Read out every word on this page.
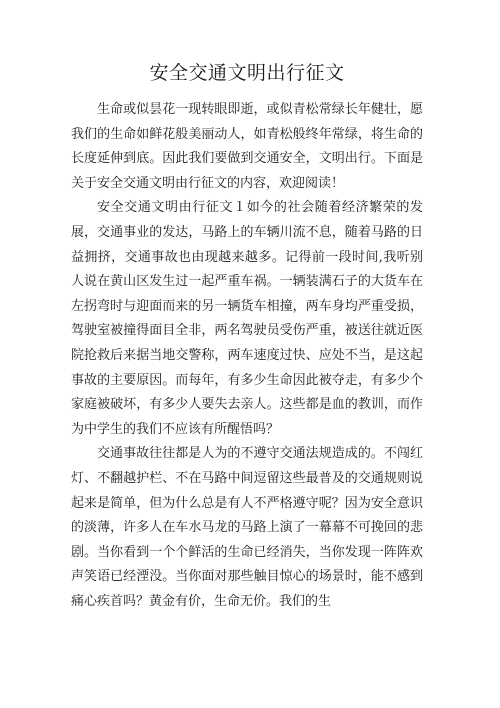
安全交通文明出行征文

生命或似昙花一现转眼即逝，或似青松常绿长年健壮，愿我们的生命如鲜花般美丽动人，如青松般终年常绿，将生命的长度延伸到底。因此我们要做到交通安全，文明出行。下面是关于安全交通文明由行征文的内容，欢迎阅读！

安全交通文明由行征文１如今的社会随着经济繁荣的发展，交通事业的发达，马路上的车辆川流不息，随着马路的日益拥挤，交通事故也由现越来越多。记得前一段时间,我听别人说在黄山区发生过一起严重车祸。一辆装满石子的大货车在左拐弯时与迎面而来的另一辆货车相撞，两车身均严重受损，驾驶室被撞得面目全非，两名驾驶员受伤严重，被送往就近医院抢救后来据当地交警称，两车速度过快、应处不当，是这起事故的主要原因。而每年，有多少生命因此被夺走，有多少个家庭被破坏，有多少人要失去亲人。这些都是血的教训，而作为中学生的我们不应该有所醒悟吗？

交通事故往往都是人为的不遵守交通法规造成的。不闯红灯、不翻越护栏、不在马路中间逗留这些最普及的交通规则说起来是简单，但为什么总是有人不严格遵守呢？因为安全意识的淡薄，许多人在车水马龙的马路上演了一幕幕不可挽回的悲剧。当你看到一个个鲜活的生命已经消失，当你发现一阵阵欢声笑语已经湮没。当你面对那些触目惊心的场景时，能不感到痛心疾首吗？黄金有价，生命无价。我们的生
